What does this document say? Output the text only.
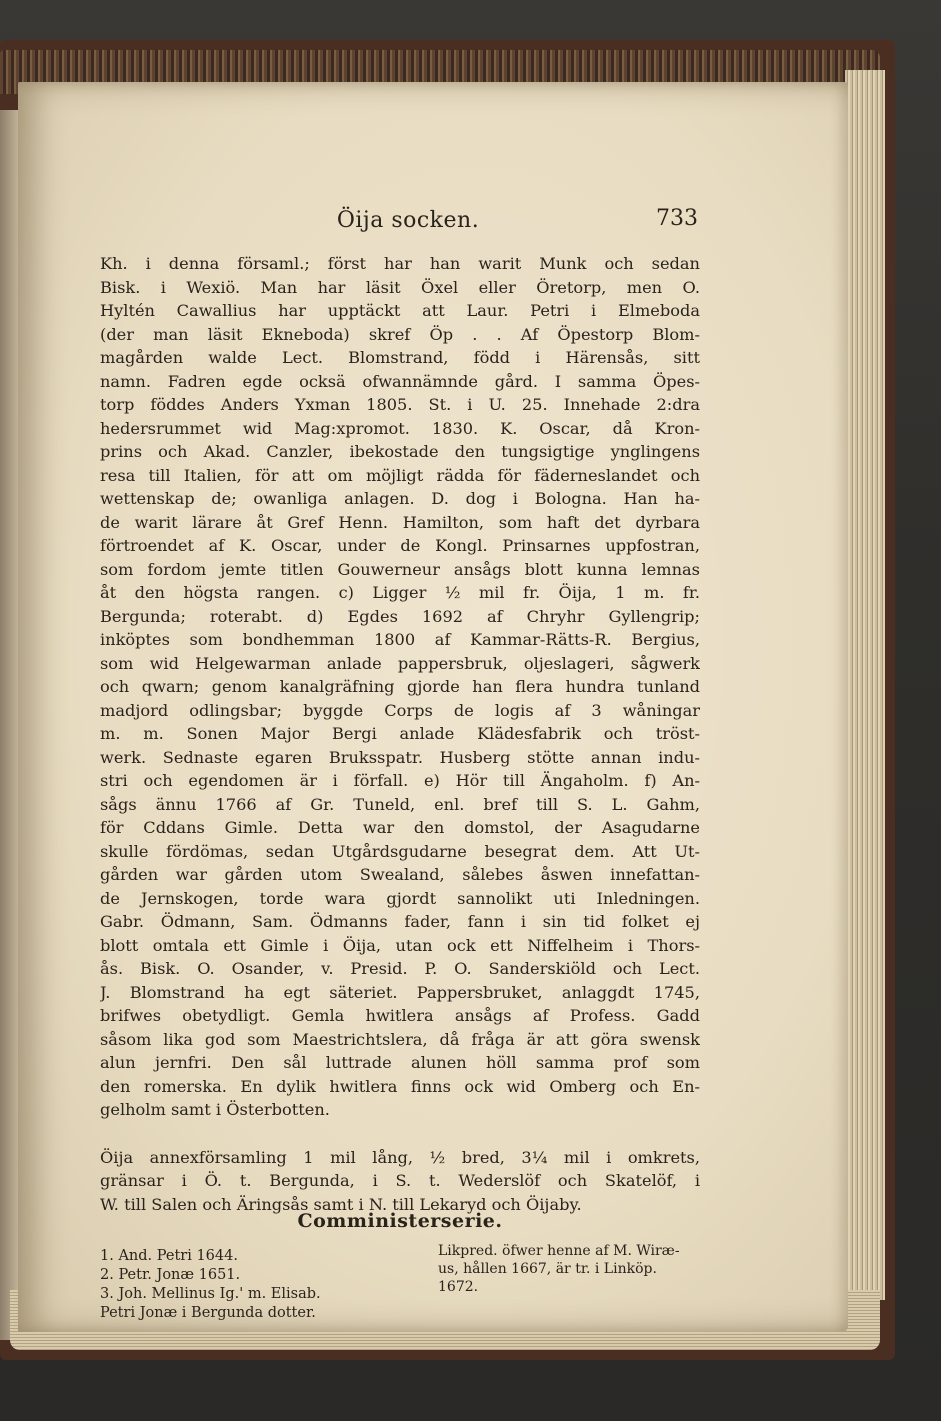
Öija socken.	733
Kh. i denna församl.; först har han warit Munk och sedan
Bisk. i Wexiö. Man har läsit Öxel eller Öretorp, men O.
Hyltén Cawallius har upptäckt att Laur. Petri i Elmeboda
(der man läsit Ekneboda) skref Öp . . Af Öpestorp Blom-
magården walde Lect. Blomstrand, född i Härensås, sitt
namn. Fadren egde ocksä ofwannämnde gård. I samma Öpes-
torp föddes Anders Yxman 1805. St. i U. 25. Innehade 2:dra
hedersrummet wid Mag:xpromot. 1830. K. Oscar, då Kron-
prins och Akad. Canzler, ibekostade den tungsigtige ynglingens
resa till Italien, för att om möjligt rädda för fäderneslandet och
wettenskap de; owanliga anlagen. D. dog i Bologna. Han ha-
de warit lärare åt Gref Henn. Hamilton, som haft det dyrbara
förtroendet af K. Oscar, under de Kongl. Prinsarnes uppfostran,
som fordom jemte titlen Gouwerneur ansågs blott kunna lemnas
åt den högsta rangen. c) Ligger ½ mil fr. Öija, 1 m. fr.
Bergunda; roterabt. d) Egdes 1692 af Chryhr Gyllengrip;
inköptes som bondhemman 1800 af Kammar-Rätts-R. Bergius,
som wid Helgewarman anlade pappersbruk, oljeslageri, sågwerk
och qwarn; genom kanalgräfning gjorde han flera hundra tunland
madjord odlingsbar; byggde Corps de logis af 3 wåningar
m. m. Sonen Major Bergi anlade Klädesfabrik och tröst-
werk. Sednaste egaren Bruksspatr. Husberg stötte annan indu-
stri och egendomen är i förfall. e) Hör till Ängaholm. f) An-
sågs ännu 1766 af Gr. Tuneld, enl. bref till S. L. Gahm,
för Cddans Gimle. Detta war den domstol, der Asagudarne
skulle fördömas, sedan Utgårdsgudarne besegrat dem. Att Ut-
gården war gården utom Swealand, sålebes åswen innefattan-
de Jernskogen, torde wara gjordt sannolikt uti Inledningen.
Gabr. Ödmann, Sam. Ödmanns fader, fann i sin tid folket ej
blott omtala ett Gimle i Öija, utan ock ett Niffelheim i Thors-
ås. Bisk. O. Osander, v. Presid. P. O. Sanderskiöld och Lect.
J. Blomstrand ha egt säteriet. Pappersbruket, anlaggdt 1745,
brifwes obetydligt. Gemla hwitlera ansågs af Profess. Gadd
såsom lika god som Maestrichtslera, då fråga är att göra swensk
alun jernfri. Den sål luttrade alunen höll samma prof som
den romerska. En dylik hwitlera finns ock wid Omberg och En-
gelholm samt i Österbotten.
Öija annexförsamling 1 mil lång, ½ bred, 3¼ mil i omkrets,
gränsar i Ö. t. Bergunda, i S. t. Wederslöf och Skatelöf, i
W. till Salen och Äringsås samt i N. till Lekaryd och Öijaby.
Comministerserie.
1. And. Petri 1644.
2. Petr. Jonæ 1651.
3. Joh. Mellinus Ig.' m. Elisab.
Petri Jonæ i Bergunda dotter.
Likpred. öfwer henne af M. Wiræ-
us, hållen 1667, är tr. i Linköp.
1672.
